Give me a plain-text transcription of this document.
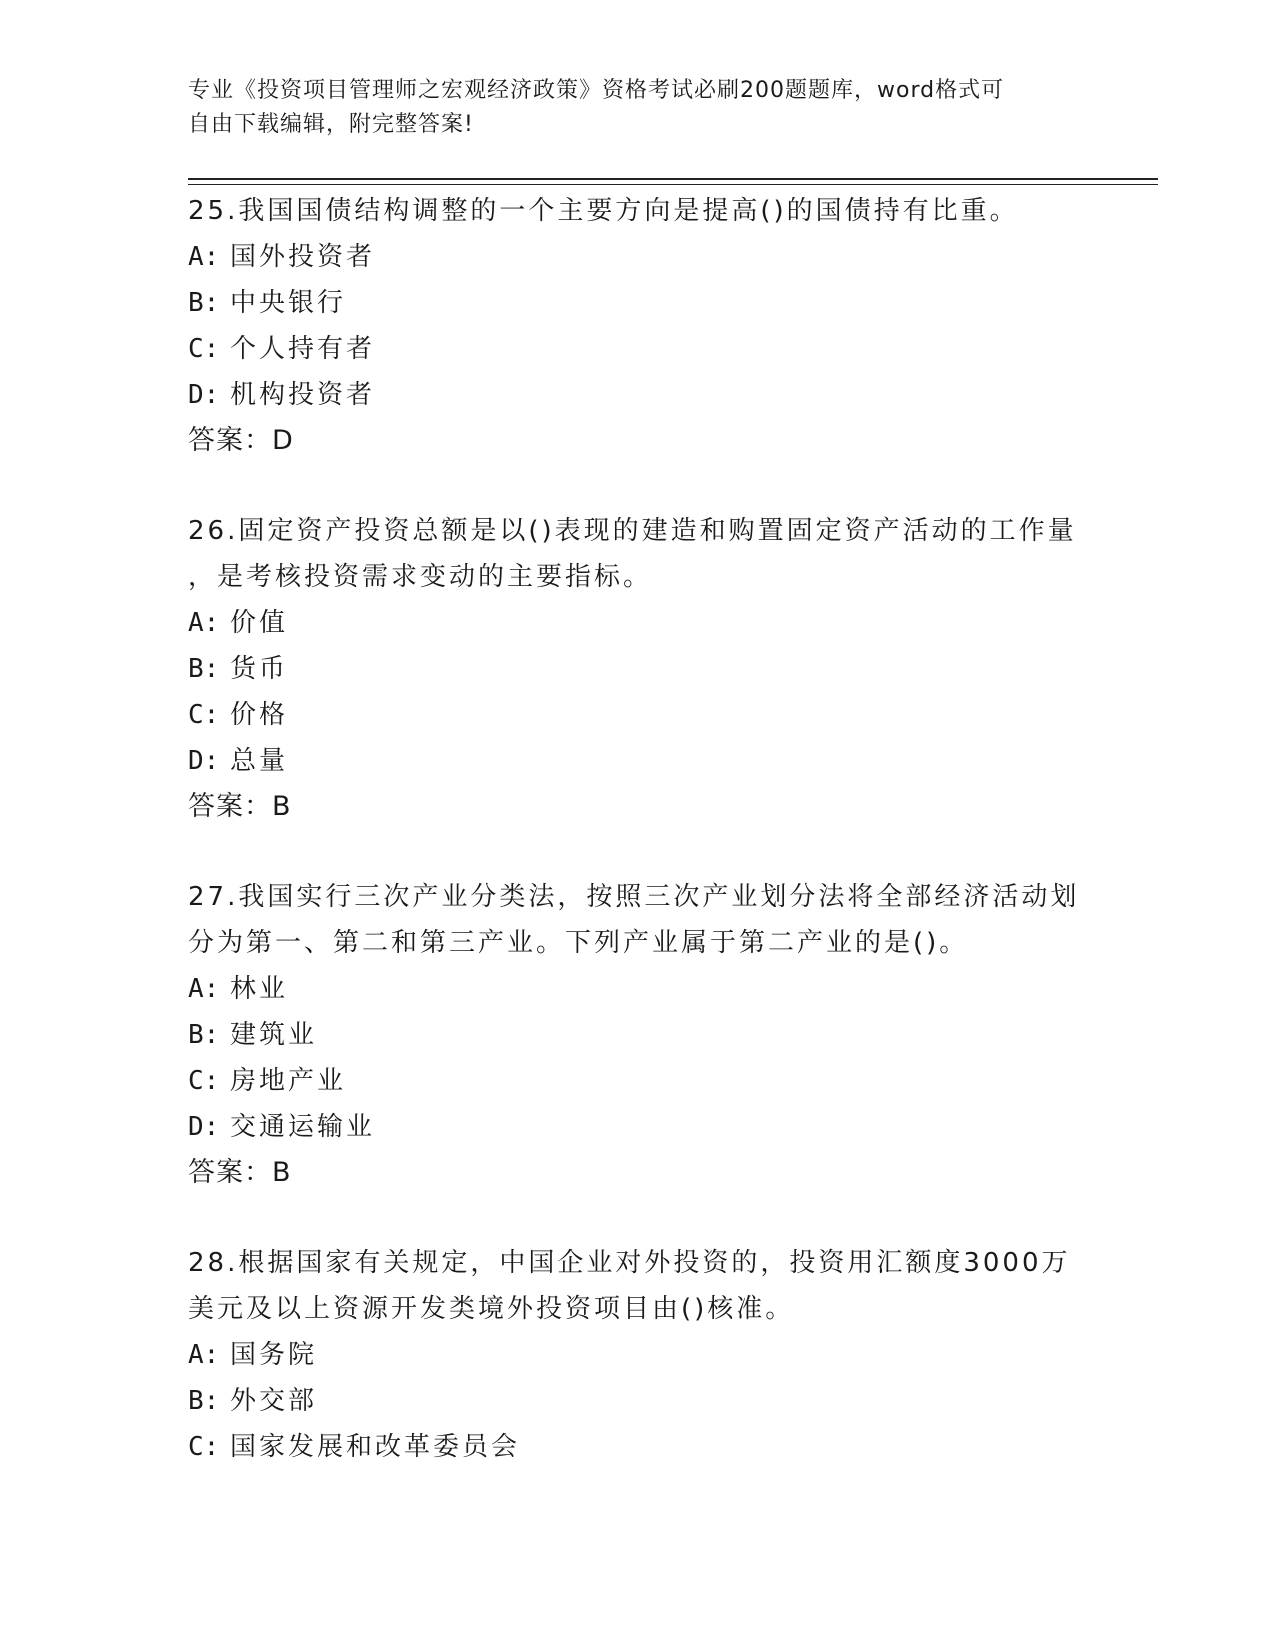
专业《投资项目管理师之宏观经济政策》资格考试必刷200题题库，word格式可
自由下载编辑，附完整答案!

25.我国国债结构调整的一个主要方向是提高()的国债持有比重。

A: 国外投资者
B: 中央银行
C: 个人持有者
D: 机构投资者

答案：D

26.固定资产投资总额是以()表现的建造和购置固定资产活动的工作量

，是考核投资需求变动的主要指标。

A: 价值
B: 货币
C: 价格
D: 总量

答案：B

27.我国实行三次产业分类法，按照三次产业划分法将全部经济活动划

分为第一、第二和第三产业。下列产业属于第二产业的是()。

A: 林业
B: 建筑业
C: 房地产业
D: 交通运输业

答案：B

28.根据国家有关规定，中国企业对外投资的，投资用汇额度3000万

美元及以上资源开发类境外投资项目由()核准。

A: 国务院
B: 外交部
C: 国家发展和改革委员会
